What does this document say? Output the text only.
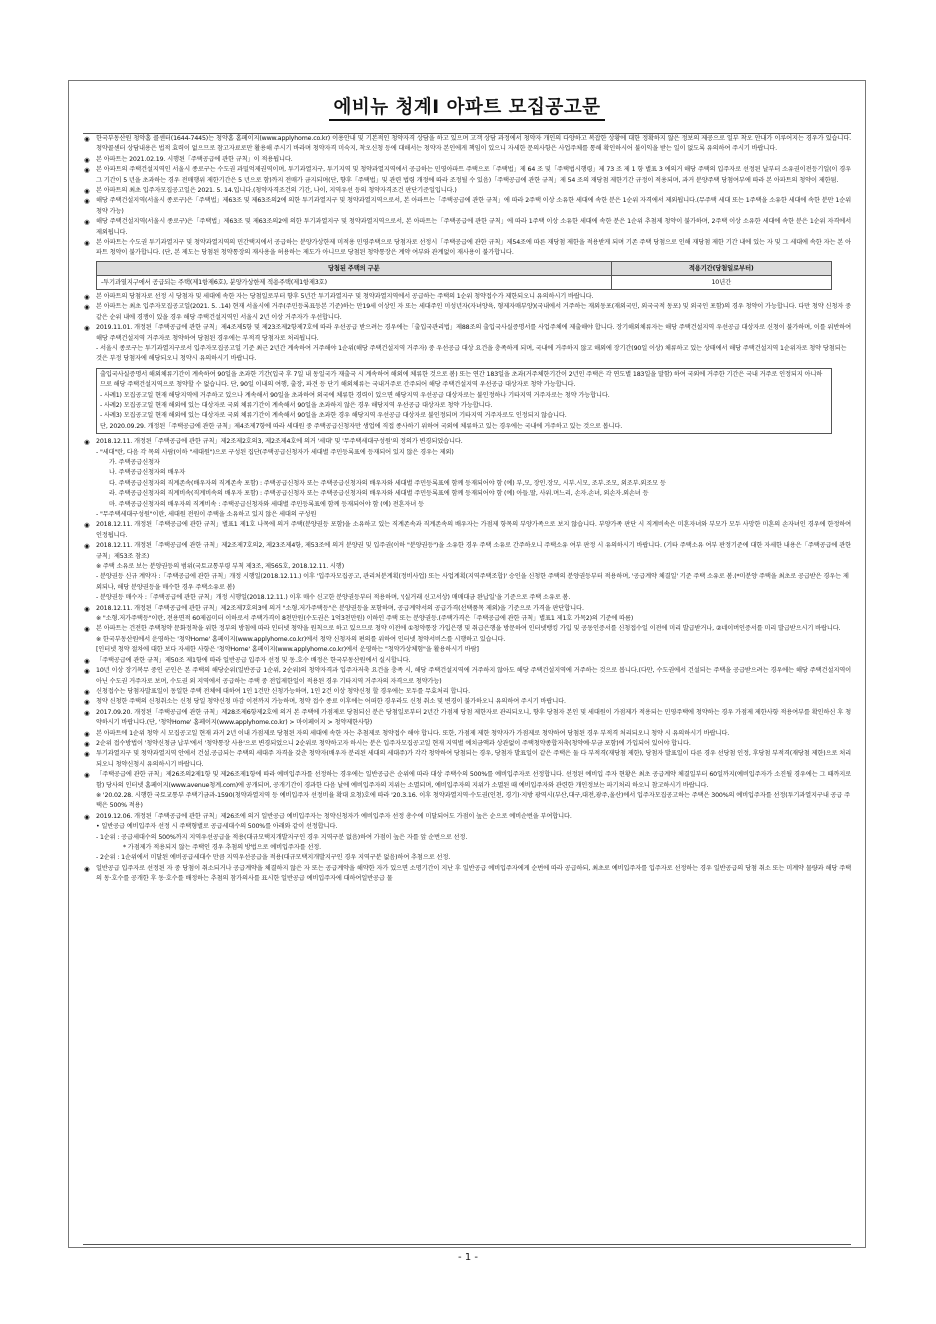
에비뉴 청계Ⅰ 아파트 모집공고문

◉ 한국부동산원 청약홈 콜센터(1644-7445)는 청약홈 홈페이지(www.applyhome.co.kr) 이용안내 및 기본적인 청약자격 상담을 하고 있으며 고객 상담 과정에서 청약자 개인의 다양하고 복잡한 상황에 대한 정확하지 않은 정보의 제공으로 일부 착오 안내가 이루어지는 경우가 있습니다. 청약콜센터 상담내용은 법적 효력이 없으므로 참고자료로만 활용해 주시기 바라며 청약자격 미숙지, 착오신청 등에 대해서는 청약자 본인에게 책임이 있으니 자세한 문의사항은 사업주체를 통해 확인하시어 불이익을 받는 일이 없도록 유의하여 주시기 바랍니다.

◉ 본 아파트는 2021.02.19. 시행된「주택공급에 관한 규칙」이 적용됩니다.

◉ 본 아파트의 주택건설지역인 서울시 종로구는 수도권 과밀억제권역이며, 투기과열지구, 투기지역 및 청약과열지역에서 공급하는 민영아파트 주택으로「주택법」제 64 조 및「주택법시행령」제 73 조 제 1 항 별표 3 에의거 해당 주택의 입주자로 선정된 날부터 소유권이전등기일(이 경우 그 기간이 5 년을 초과하는 경우 전매행위 제한기간은 5 년으로 함)까지 전매가 금지되며(단, 향후「주택법」및 관련 법령 개정에 따라 조정될 수 있음)「주택공급에 관한 규칙」제 54 조의 재당첨 제한기간 규정이 적용되며, 과거 분양주택 당첨여부에 따라 본 아파트의 청약이 제한됨.

◉ 본 아파트의 최초 입주자모집공고일은 2021. 5. 14.입니다.(청약자격조건의 기간, 나이, 지역우선 등의 청약자격조건 판단기준일입니다.)

◉ 해당 주택건설지역(서울시 종로구)은「주택법」제63조 및 제63조의2에 의한 투기과열지구 및 청약과열지역으로서, 본 아파트는「주택공급에 관한 규칙」에 따라 2주택 이상 소유한 세대에 속한 분은 1순위 자격에서 제외됩니다.(무주택 세대 또는 1주택을 소유한 세대에 속한 분만 1순위 청약 가능)

◉ 해당 주택건설지역(서울시 종로구)은「주택법」제63조 및 제63조의2에 의한 투기과열지구 및 청약과열지역으로서, 본 아파트는「주택공급에 관한 규칙」에 따라 1주택 이상 소유한 세대에 속한 분은 1순위 추첨제 청약이 불가하며, 2주택 이상 소유한 세대에 속한 분은 1순위 자격에서 제외됩니다.

◉ 본 아파트는 수도권 투기과열지구 및 청약과열지역의 민간택지에서 공급하는 분양가상한제 미적용 민영주택으로 당첨자로 선정시「주택공급에 관한 규칙」제54조에 따른 재당첨 제한을 적용받게 되며 기존 주택 당첨으로 인해 재당첨 제한 기간 내에 있는 자 및 그 세대에 속한 자는 본 아파트 청약이 불가합니다. (단, 본 제도는 당첨된 청약통장의 재사용을 허용하는 제도가 아니므로 당첨된 청약통장은 계약 여부와 관계없이 재사용이 불가합니다.

당첨된 주택의 구분	적용기간(당첨일로부터)
-투기과열지구에서 공급되는 주택(제1항제6호), 분양가상한제 적용주택(제1항제3호)	10년간

◉ 본 아파트의 당첨자로 선정 시 당첨자 및 세대에 속한 자는 당첨일로부터 향후 5년간 투기과열지구 및 청약과열지역에서 공급하는 주택의 1순위 청약접수가 제한되오니 유의하시기 바랍니다.

◉ 본 아파트는 최초 입주자모집공고일(2021. 5. .14) 현재 서울시에 거주(주민등록표등본 기준)하는 만19세 이상인 자 또는 세대주인 미성년자(자녀양육, 형제자매부양)(국내에서 거주하는 재외동포(재외국민, 외국국적 동포) 및 외국인 포함)의 경우 청약이 가능합니다. 다만 청약 신청자 중 같은 순위 내에 경쟁이 있을 경우 해당 주택건설지역인 서울시 2년 이상 거주자가 우선합니다.

◉ 2019.11.01. 개정된「주택공급에 관한 규칙」제4조제5항 및 제23조제2항제7호에 따라 우선공급 받으려는 경우에는「출입국관리법」제88조의 출입국사실증명서를 사업주체에 제출해야 합니다. 장기해외체류자는 해당 주택건설지역 우선공급 대상자로 신청이 불가하며, 이를 위반하여 해당 주택건설지역 거주자로 청약하여 당첨된 경우에는 부적격 당첨자로 처리됩니다.

- 서울시 종로구는 투기과열지구로서 입주자모집공고일 기준 최근 2년간 계속하여 거주해야 1순위(해당 주택건설지역 거주자) 중 우선공급 대상 요건을 충족하게 되며, 국내에 거주하지 않고 해외에 장기간(90일 이상) 체류하고 있는 상태에서 해당 주택건설지역 1순위자로 청약 당첨되는 것은 부정 당첨자에 해당되오니 청약시 유의하시기 바랍니다.

출입국사실증명서 해외체류기간이 계속하여 90일을 초과한 기간(입국 후 7일 내 동일국가 재출국 시 계속하여 해외에 체류한 것으로 봄) 또는 연간 183일을 초과(거주체한기간이 2년인 주택은 각 연도별 183일을 말함) 하여 국외에 거주한 기간은 국내 거주로 인정되지 아니하므로 해당 주택건설지역으로 청약할 수 없습니다. 단, 90일 이내의 여행, 출장, 파견 등 단기 해외체류는 국내거주로 간주되어 해당 주택건설지역 우선공급 대상자로 청약 가능합니다.

- 사례1) 모집공고일 현재 해당지역에 거주하고 있으나 계속해서 90일을 초과하여 외국에 체류한 경력이 있으면 해당지역 우선공급 대상자로는 불인정하나 기타지역 거주자로는 청약 가능합니다.

- 사례2) 모집공고일 현재 해외에 있는 대상자로 국외 체류기간이 계속해서 90일을 초과하지 않은 경우 해당지역 우선공급 대상자로 청약 가능합니다.

- 사례3) 모집공고일 현재 해외에 있는 대상자로 국외 체류기간이 계속해서 90일을 초과한 경우 해당지역 우선공급 대상자로 불인정되며 기타지역 거주자로도 인정되지 않습니다.

단, 2020.09.29. 개정된「주택공급에 관한 규칙」제4조제7항에 따라 세대원 중 주택공급신청자만 생업에 직접 종사하기 위하여 국외에 체류하고 있는 경우에는 국내에 거주하고 있는 것으로 봅니다.

◉ 2018.12.11. 개정된「주택공급에 관한 규칙」제2조제2호의3, 제2조제4호에 의거 '세대' 및 '무주택세대구성원'의 정의가 변경되었습니다.

- "세대"란, 다음 각 목의 사람(이하 "세대원")으로 구성된 집단(주택공급신청자가 세대별 주민등록표에 등재되어 있지 않은 경우는 제외)

가. 주택공급신청자

나. 주택공급신청자의 배우자

다. 주택공급신청자의 직계존속(배우자의 직계존속 포함) : 주택공급신청자 또는 주택공급신청자의 배우자와 세대별 주민등록표에 함께 등재되어야 함 (예) 부,모, 장인.장모, 시부.시모, 조부.조모, 외조부.외조모 등

라. 주택공급신청자의 직계비속(직계비속의 배우자 포함) : 주택공급신청자 또는 주택공급신청자의 배우자와 세대별 주민등록표에 함께 등재되어야 함 (예) 아들.딸, 사위.며느리, 손자.손녀, 외손자.외손녀 등

마. 주택공급신청자의 배우자의 직계비속 : 주택공급신청자와 세대별 주민등록표에 함께 등재되어야 함 (예) 전혼자녀 등

- "무주택세대구성원"이란, 세대원 전원이 주택을 소유하고 있지 않은 세대의 구성원

◉ 2018.12.11. 개정된「주택공급에 관한 규칙」별표1 제1호 나목에 의거 주택(분양권등 포함)을 소유하고 있는 직계존속과 직계존속의 배우자는 가점제 항목의 부양가족으로 보지 않습니다. 부양가족 판단 시 직계비속은 미혼자녀와 부모가 모두 사망한 미혼의 손자녀인 경우에 한정하여 인정됩니다.

◉ 2018.12.11. 개정된「주택공급에 관한 규칙」제2조제7호의2, 제23조제4항, 제53조에 의거 분양권 및 입주권(이하 "분양권등")을 소유한 경우 주택 소유로 간주하오니 주택소유 여부 판정 시 유의하시기 바랍니다. (기타 주택소유 여부 판정기준에 대한 자세한 내용은「주택공급에 관한 규칙」제53조 참조)

※ 주택 소유로 보는 분양권등의 범위(국토교통부령 부칙 제3조, 제565호, 2018.12.11. 시행)

- 분양권등 신규 계약자 :「주택공급에 관한 규칙」개정 시행일(2018.12.11.) 이후 '입주자모집공고, 관리처분계획(정비사업) 또는 사업계획(지역주택조합)' 승인을 신청한 주택의 분양권등부터 적용하며, '공급계약 체결일' 기준 주택 소유로 봄.(*미분양 주택을 최초로 공급받은 경우는 제외되나, 해당 분양권등을 매수한 경우 주택소유로 봄)

- 분양권등 매수자 :「주택공급에 관한 규칙」개정 시행일(2018.12.11.) 이후 매수 신고한 분양권등부터 적용하며, '(실거래 신고서상) 매매대금 완납일'을 기준으로 주택 소유로 봄.

◉ 2018.12.11. 개정된「주택공급에 관한 규칙」제2조제7호의3에 의거 "소형.저가주택등"은 분양권등을 포함하며, 공급계약서의 공급가격(선택품목 제외)을 기준으로 가격을 판단합니다.

※ "소형.저가주택등"이란, 전용면적 60제곱미터 이하로서 주택가격이 8천만원(수도권은 1억3천만원) 이하인 주택 또는 분양권등.(주택가격은「주택공급에 관한 규칙」별표1 제1호 가목2)의 기준에 따름)

◉ 본 아파트는 건전한 주택청약 문화정착을 위한 정부의 방침에 따라 인터넷 청약을 원칙으로 하고 있으므로 청약 이전에 ①청약통장 가입은행 및 취급은행을 방문하여 인터넷뱅킹 가입 및 공동인증서를 신청접수일 이전에 미리 발급받거나, ②네이버인증서를 미리 발급받으시기 바랍니다.

※ 한국부동산원에서 운영하는 '청약Home' 홈페이지(www.applyhome.co.kr)에서 청약 신청자의 편의를 위하여 인터넷 청약서비스를 시행하고 있습니다.

[인터넷 청약 절차에 대한 보다 자세한 사항은 '청약Home' 홈페이지(www.applyhome.co.kr)에서 운영하는 "청약가상체험"을 활용하시기 바람]

◉ 「주택공급에 관한 규칙」제50조 제1항에 따라 일반공급 입주자 선정 및 동.호수 배정은 한국부동산원에서 실시합니다.

◉ 10년 이상 장기복무 중인 군인은 본 주택의 해당순위(일반공급 1순위, 2순위)의 청약자격과 입주자저축 요건을 충족 시, 해당 주택건설지역에 거주하지 않아도 해당 주택건설지역에 거주하는 것으로 봅니다.(다만, 수도권에서 건설되는 주택을 공급받으려는 경우에는 해당 주택건설지역이 아닌 수도권 거주자로 보며, 수도권 외 지역에서 공급하는 주택 중 전입제한일이 적용된 경우 기타지역 거주자의 자격으로 청약가능)

◉ 신청접수는 당첨자발표일이 동일한 주택 전체에 대하여 1인 1건만 신청가능하며, 1인 2건 이상 청약신청 할 경우에는 모두를 무효처리 합니다.

◉ 청약 신청한 주택의 신청취소는 신청 당일 청약신청 마감 이전까지 가능하며, 청약 접수 종료 이후에는 어떠한 경우라도 신청 취소 및 변경이 불가하오니 유의하여 주시기 바랍니다.

◉ 2017.09.20. 개정된「주택공급에 관한 규칙」제28조제6항제2호에 의거 본 주택에 가점제로 당첨되신 분은 당첨일로부터 2년간 가점제 당첨 제한자로 관리되오니, 향후 당첨자 본인 및 세대원이 가점제가 적용되는 민영주택에 청약하는 경우 가점제 제한사항 적용여부를 확인하신 후 청약하시기 바랍니다.(단, '청약Home' 홈페이지(www.applyhome.co.kr) > 마이페이지 > 청약제한사항)

◉ 본 아파트에 1순위 청약 시 모집공고일 현재 과거 2년 이내 가점제로 당첨된 자의 세대에 속한 자는 추첨제로 청약접수 해야 합니다. 또한, 가점제 제한 청약자가 가점제로 청약하여 당첨된 경우 부적격 처리되오니 청약 시 유의하시기 바랍니다.

◉ 2순위 접수방법이 '청약신청금 납부'에서 '청약통장 사용'으로 변경되었으니 2순위로 청약하고자 하시는 분은 입주자모집공고일 현재 지역별 예치금액과 상관없이 주택청약종합저축(청약예·부금 포함)에 가입되어 있어야 합니다.

◉ 투기과열지구 및 청약과열지역 안에서 건설.공급되는 주택의 세대주 자격을 갖춘 청약자(배우자 분리된 세대의 세대주)가 각각 청약하여 당첨되는 경우, 당첨자 발표일이 같은 주택은 둘 다 부적격(재당첨 제한), 당첨자 발표일이 다른 경우 선당첨 인정, 후당첨 부적격(재당첨 제한)으로 처리되오니 청약신청시 유의하시기 바랍니다.

◉ 「주택공급에 관한 규칙」제26조의2제1항 및 제26조제1항에 따라 예비입주자를 선정하는 경우에는 일반공급은 순위에 따라 대상 주택수의 500%를 예비입주자로 선정합니다. 선정된 예비입 주자 현황은 최초 공급계약 체결일부터 60일까지(예비입주자가 소진될 경우에는 그 때까지로 함) 당사의 인터넷 홈페이지(www.avenue청계.com)에 공개되며, 공개기간이 경과한 다음 날에 예비입주자의 지위는 소멸되며, 예비입주자의 지위가 소멸된 때 예비입주자와 관련한 개인정보는 파기처리 하오니 참고하시기 바랍니다.

※ '20.02.28. 시행한 국토교통부 주택기금과-1590(청약과열지역 등 예비입주자 선정비율 확대 요청)호에 따라 '20.3.16. 이후 청약과열지역·수도권(인천, 경기)·지방 광역시(부산,대구,대전,광주,울산)에서 입주자모집공고하는 주택은 300%의 예비입주자를 선정(투기과열지구내 공급 주택은 500% 적용)

◉ 2019.12.06. 개정된「주택공급에 관한 규칙」제26조에 의거 일반공급 예비입주자는 청약신청자가 예비입주자 선정 총수에 미달되어도 가점이 높은 순으로 예비순번을 부여합니다.

• 일반공급 예비입주자 선정 시 주택형별로 공급세대수의 500%를 아래와 같이 선정합니다.

- 1순위 : 공급세대수의 500%까지 지역우선공급을 적용(대규모택지개발지구인 경우 지역구분 없음)하여 가점이 높은 자를 앞 순번으로 선정.

* 가점제가 적용되지 않는 주택인 경우 추첨의 방법으로 예비입주자를 선정.

- 2순위 : 1순위에서 미달된 예비공급세대수 만큼 지역우선공급을 적용(대규모택지개발지구인 경우 지역구분 없음)하여 추첨으로 선정.

◉ 일반공급 입주자로 선정된 자 중 당첨이 취소되거나 공급계약을 체결하지 않은 자 또는 공급계약을 해약한 자가 있으면 소명기간이 지난 후 일반공급 예비입주자에게 순번에 따라 공급하되, 최초로 예비입주자를 입주자로 선정하는 경우 일반공급의 당첨 취소 또는 미계약 물량과 해당 주택의 동·호수를 공개한 후 동·호수를 배정하는 추첨의 참가의사를 표시한 일반공급 예비입주자에 대하여일반공급 물

- 1 -
